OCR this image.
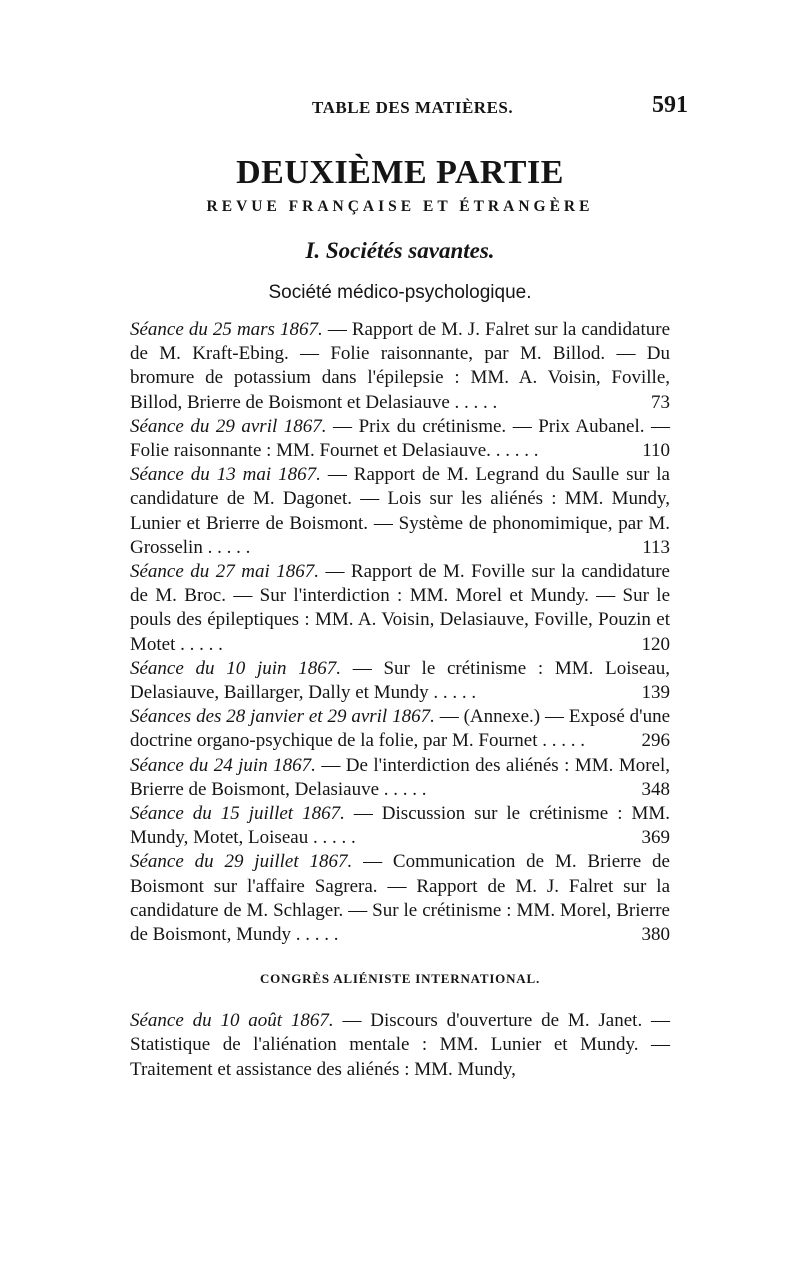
TABLE DES MATIÈRES.	591
DEUXIÈME PARTIE
REVUE FRANÇAISE ET ÉTRANGÈRE
I. Sociétés savantes.
Société médico-psychologique.
Séance du 25 mars 1867. — Rapport de M. J. Falret sur la candidature de M. Kraft-Ebing. — Folie raisonnante, par M. Billod. — Du bromure de potassium dans l'épilepsie : MM. A. Voisin, Foville, Billod, Brierre de Boismont et Delasiauve . . . . .	73
Séance du 29 avril 1867. — Prix du crétinisme. — Prix Aubanel. — Folie raisonnante : MM. Fournet et Delasiauve. . . . . .	110
Séance du 13 mai 1867. — Rapport de M. Legrand du Saulle sur la candidature de M. Dagonet. — Lois sur les aliénés : MM. Mundy, Lunier et Brierre de Boismont. — Système de phonomimique, par M. Grosselin . . . . .	113
Séance du 27 mai 1867. — Rapport de M. Foville sur la candidature de M. Broc. — Sur l'interdiction : MM. Morel et Mundy. — Sur le pouls des épileptiques : MM. A. Voisin, Delasiauve, Foville, Pouzin et Motet . . . . .	120
Séance du 10 juin 1867. — Sur le crétinisme : MM. Loiseau, Delasiauve, Baillarger, Dally et Mundy . . . . .	139
Séances des 28 janvier et 29 avril 1867. — (Annexe.) — Exposé d'une doctrine organo-psychique de la folie, par M. Fournet . . . . .	296
Séance du 24 juin 1867. — De l'interdiction des aliénés : MM. Morel, Brierre de Boismont, Delasiauve . . . . .	348
Séance du 15 juillet 1867. — Discussion sur le crétinisme : MM. Mundy, Motet, Loiseau . . . . .	369
Séance du 29 juillet 1867. — Communication de M. Brierre de Boismont sur l'affaire Sagrera. — Rapport de M. J. Falret sur la candidature de M. Schlager. — Sur le crétinisme : MM. Morel, Brierre de Boismont, Mundy . . . . .	380
CONGRÈS ALIÉNISTE INTERNATIONAL.
Séance du 10 août 1867. — Discours d'ouverture de M. Janet. — Statistique de l'aliénation mentale : MM. Lunier et Mundy. — Traitement et assistance des aliénés : MM. Mundy,
